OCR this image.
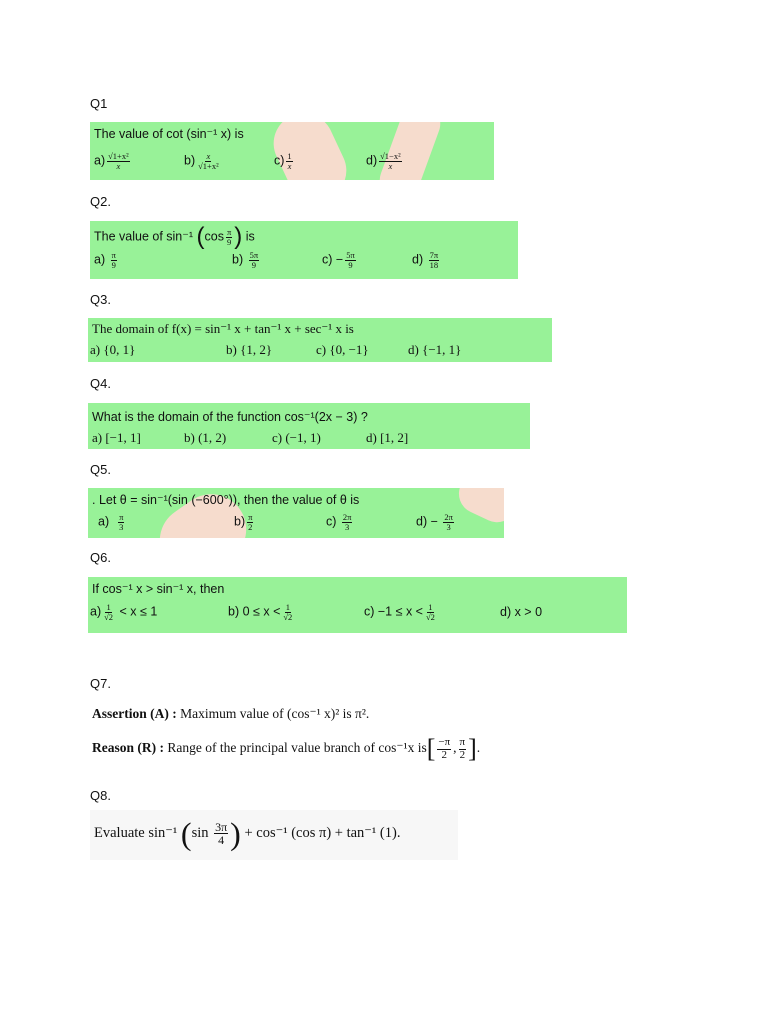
Q1
The value of cot (sin⁻¹ x) is
$a) \frac{\text{√1+x²}}{x}$	$b) \frac{x}{\text{√1+x²}}$	$c) \frac{1}{x}$	$d) \frac{\text{√1−x²}}{x}$
Q2.
The value of sin⁻¹ ($\cos \frac{\pi}{9}$ ) is
$a) \frac{\pi}{9}$	$b) \frac{5\pi}{9}$	$c) - \frac{5\pi}{9}$	$d) \frac{7\pi}{18}$
Q3.
The domain of f(x) = sin⁻¹ x + tan⁻¹ x + sec⁻¹ x is
a) {0, 1}	b) {1, 2}	c) {0, −1}	d) {−1, 1}
Q4.
What is the domain of the function cos⁻¹(2x − 3) ?
a) [−1, 1]	b) (1, 2)	c) (−1, 1)	d) [1, 2]
Q5.
. Let θ = sin⁻¹(sin (−600°)), then the value of θ is
$a) \frac{\pi}{3}$	$b) \frac{\pi}{2}$	$c) \frac{2\pi}{3}$	$d) - \frac{2\pi}{3}$
Q6.
If cos⁻¹ x > sin⁻¹ x, then
$a) \frac{1}{√2} < x \le 1$	b) $0 \le x < \frac{1}{√2}$	$c) -1 \le x < \frac{1}{√2}$	d) x > 0
Q7.
Assertion (A) : Maximum value of (cos⁻¹ x)² is π².
Reason (R) : Range of the principal value branch of cos⁻¹x $is[ \frac{-\pi}{2}$ , $\frac{\pi}{2}$ ].
Q8.
Evaluate sin⁻¹ ($\sin \frac{3\pi}{4}$ ) + cos⁻¹ (cos π) + tan⁻¹ (1).
